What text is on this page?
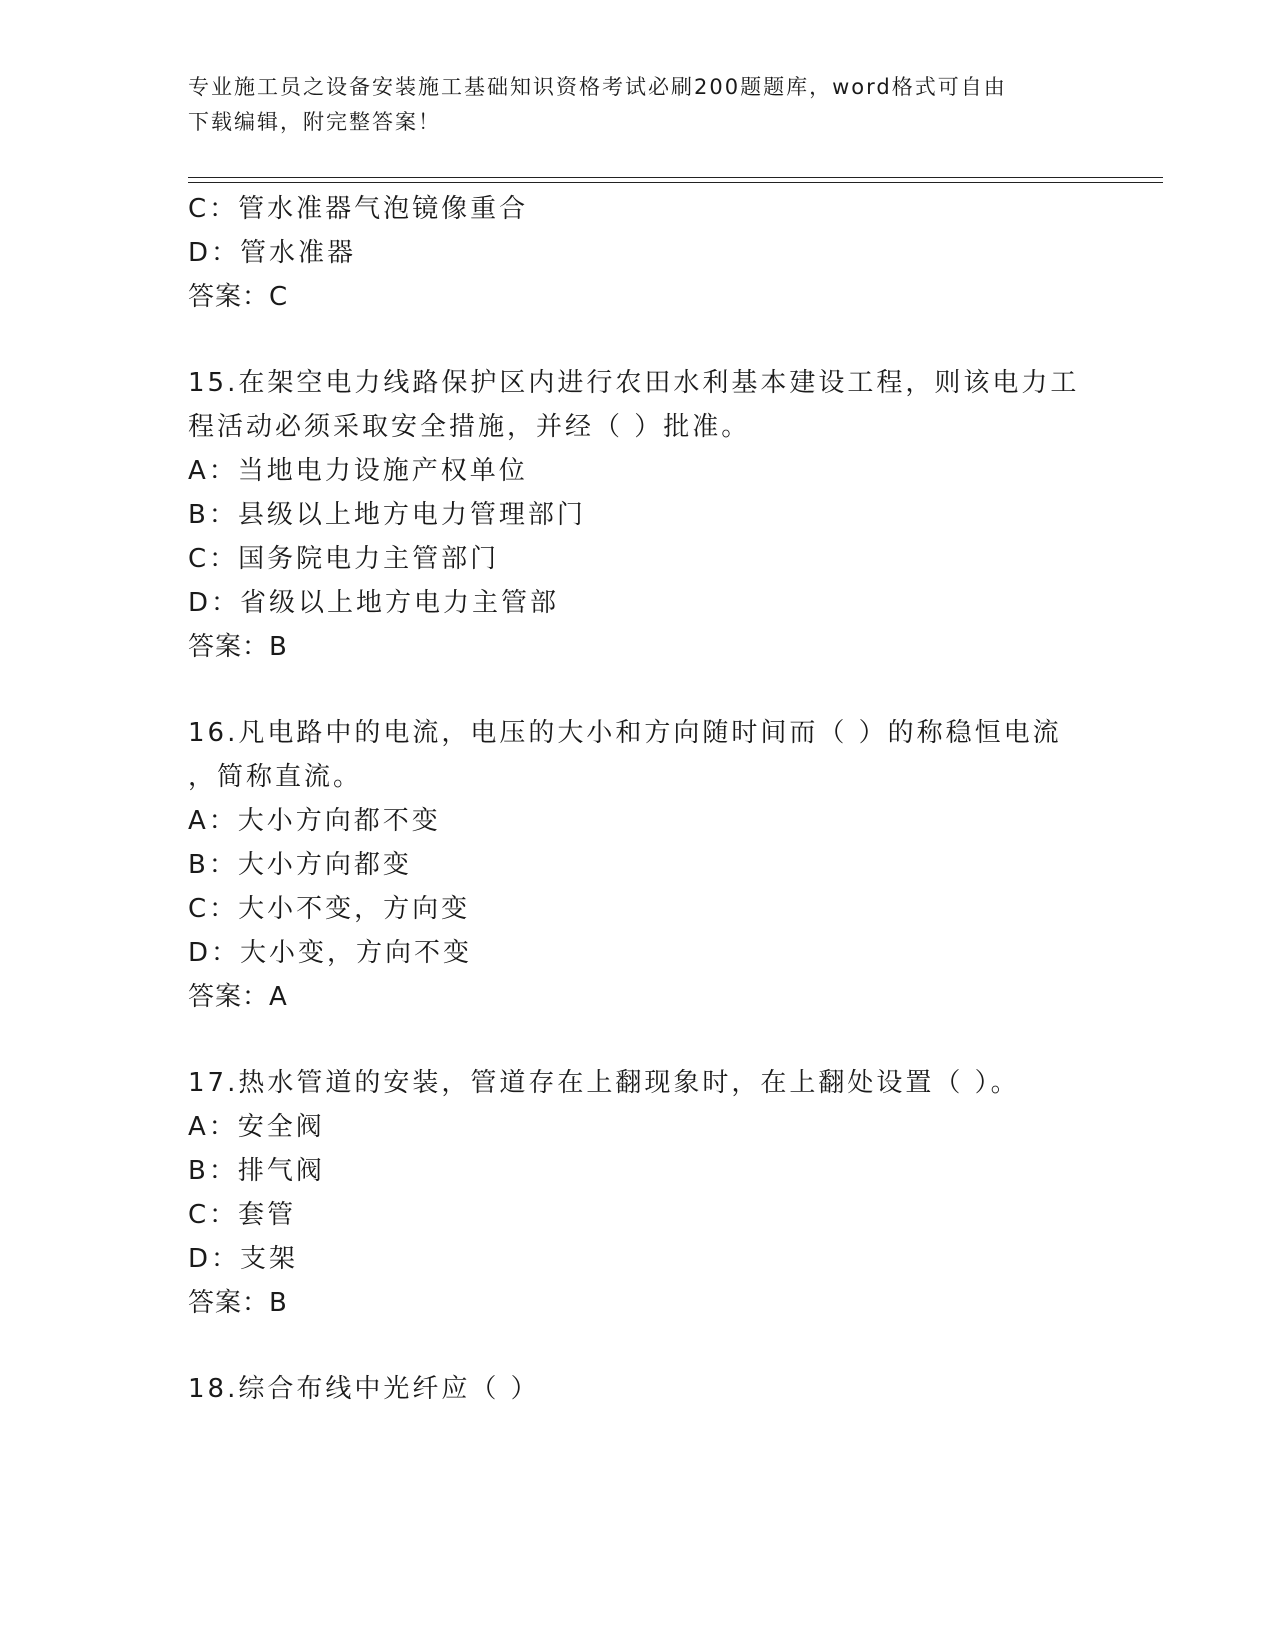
专业施工员之设备安装施工基础知识资格考试必刷200题题库，word格式可自由
下载编辑，附完整答案！
C：管水准器气泡镜像重合
D：管水准器
答案：C
15.在架空电力线路保护区内进行农田水利基本建设工程，则该电力工
程活动必须采取安全措施，并经（ ）批准。
A：当地电力设施产权单位
B：县级以上地方电力管理部门
C：国务院电力主管部门
D：省级以上地方电力主管部
答案：B
16.凡电路中的电流，电压的大小和方向随时间而（ ）的称稳恒电流
，简称直流。
A：大小方向都不变
B：大小方向都变
C：大小不变，方向变
D：大小变，方向不变
答案：A
17.热水管道的安装，管道存在上翻现象时，在上翻处设置（ ）。
A：安全阀
B：排气阀
C：套管
D：支架
答案：B
18.综合布线中光纤应（ ）
